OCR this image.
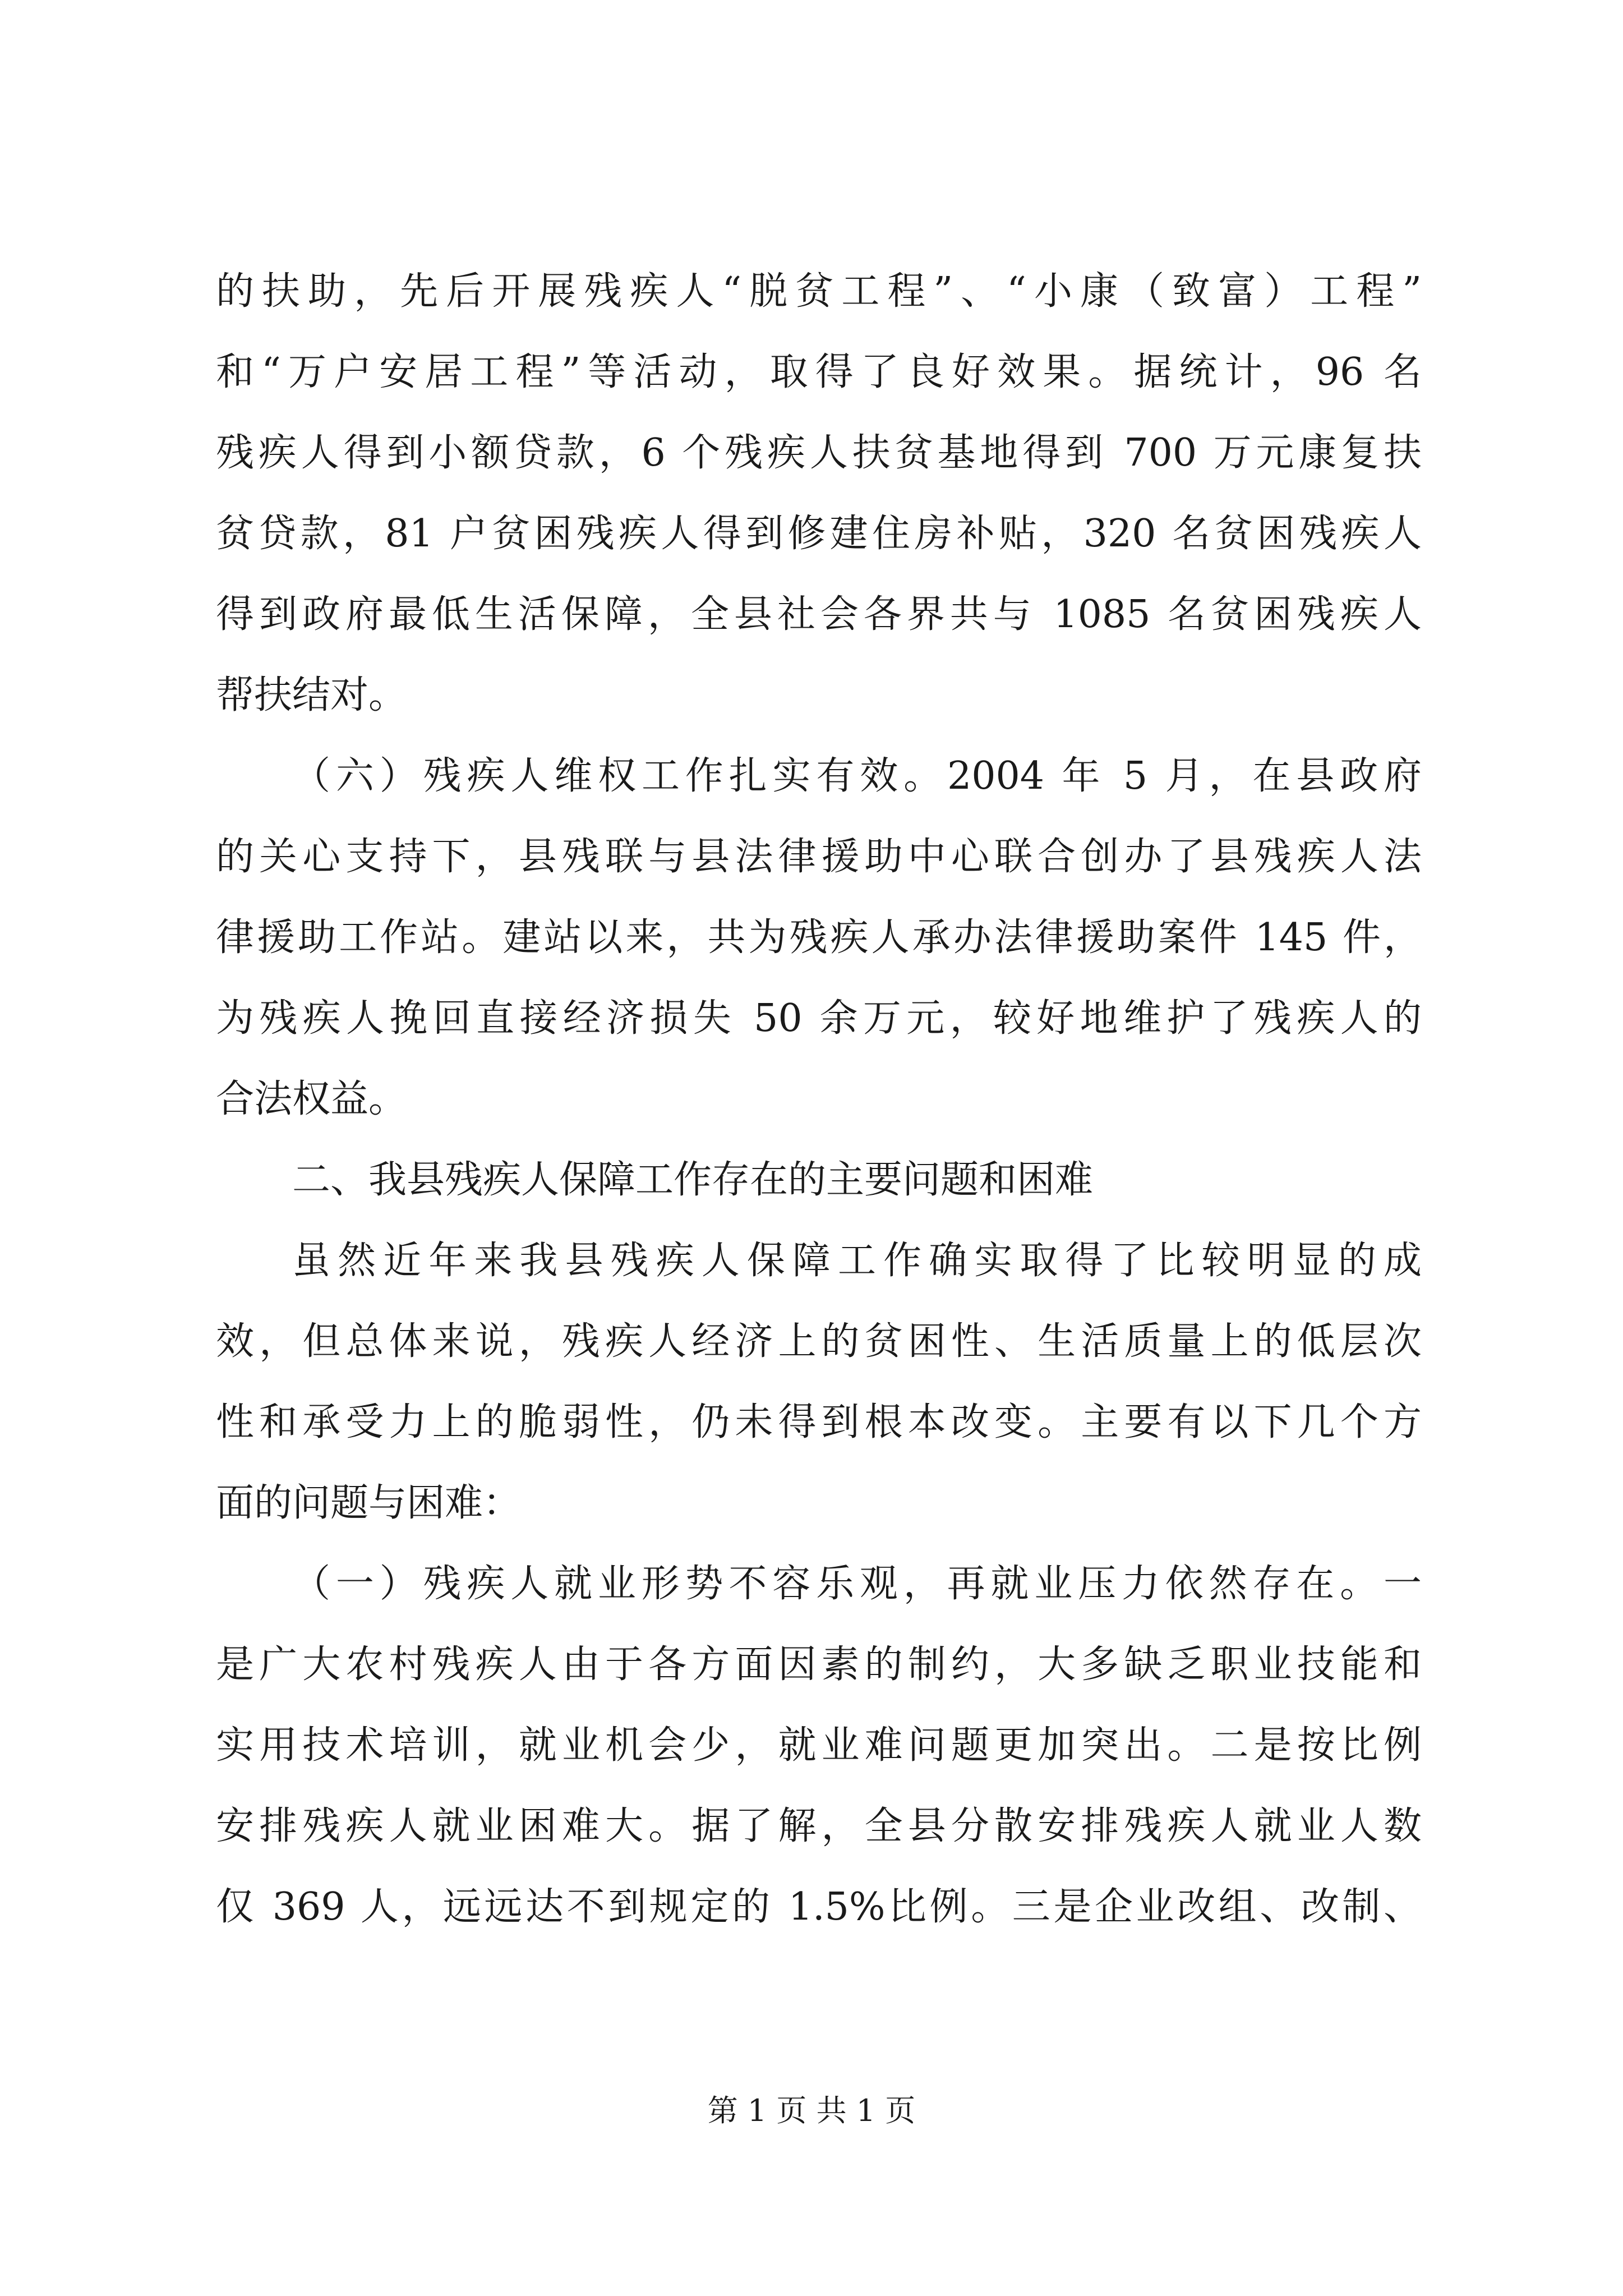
的扶助，先后开展残疾人“脱贫工程”、“小康（致富）工程”
和“万户安居工程”等活动，取得了良好效果。据统计，96 名
残疾人得到小额贷款，6 个残疾人扶贫基地得到 700 万元康复扶
贫贷款，81 户贫困残疾人得到修建住房补贴，320 名贫困残疾人
得到政府最低生活保障，全县社会各界共与 1085 名贫困残疾人
帮扶结对。
（六）残疾人维权工作扎实有效。2004 年 5 月，在县政府
的关心支持下，县残联与县法律援助中心联合创办了县残疾人法
律援助工作站。建站以来，共为残疾人承办法律援助案件 145 件，
为残疾人挽回直接经济损失 50 余万元，较好地维护了残疾人的
合法权益。
二、我县残疾人保障工作存在的主要问题和困难
虽然近年来我县残疾人保障工作确实取得了比较明显的成
效，但总体来说，残疾人经济上的贫困性、生活质量上的低层次
性和承受力上的脆弱性，仍未得到根本改变。主要有以下几个方
面的问题与困难：
（一）残疾人就业形势不容乐观，再就业压力依然存在。一
是广大农村残疾人由于各方面因素的制约，大多缺乏职业技能和
实用技术培训，就业机会少，就业难问题更加突出。二是按比例
安排残疾人就业困难大。据了解，全县分散安排残疾人就业人数
仅 369 人，远远达不到规定的 1.5%比例。三是企业改组、改制、
第 1 页 共 1 页
